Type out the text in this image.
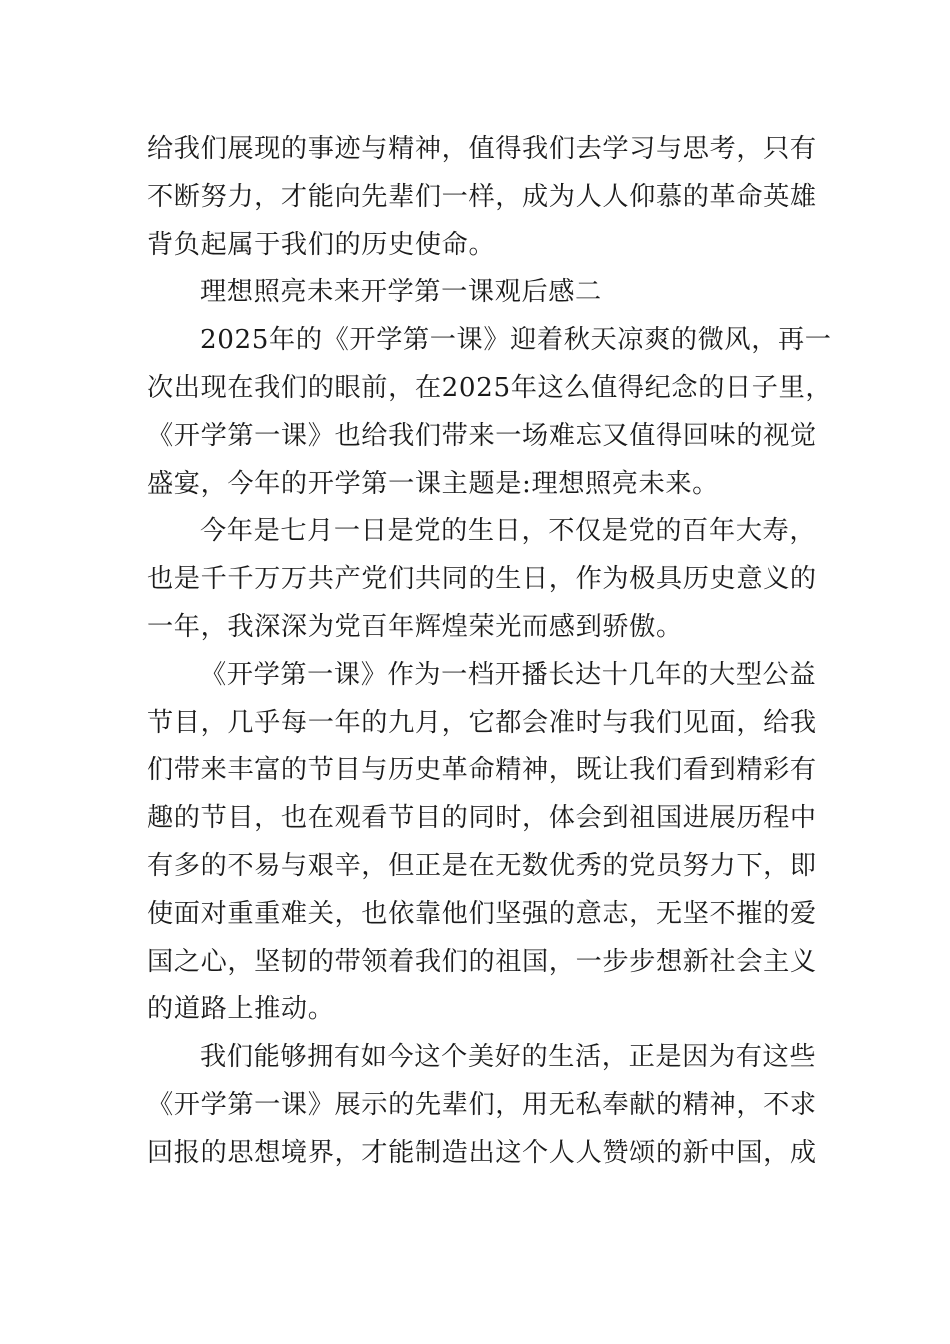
给我们展现的事迹与精神，值得我们去学习与思考，只有
不断努力，才能向先辈们一样，成为人人仰慕的革命英雄
背负起属于我们的历史使命。
理想照亮未来开学第一课观后感二
2025年的《开学第一课》迎着秋天凉爽的微风，再一
次出现在我们的眼前，在2025年这么值得纪念的日子里，
《开学第一课》也给我们带来一场难忘又值得回味的视觉
盛宴，今年的开学第一课主题是:理想照亮未来。
今年是七月一日是党的生日，不仅是党的百年大寿，
也是千千万万共产党们共同的生日，作为极具历史意义的
一年，我深深为党百年辉煌荣光而感到骄傲。
《开学第一课》作为一档开播长达十几年的大型公益
节目，几乎每一年的九月，它都会准时与我们见面，给我
们带来丰富的节目与历史革命精神，既让我们看到精彩有
趣的节目，也在观看节目的同时，体会到祖国进展历程中
有多的不易与艰辛，但正是在无数优秀的党员努力下，即
使面对重重难关，也依靠他们坚强的意志，无坚不摧的爱
国之心，坚韧的带领着我们的祖国，一步步想新社会主义
的道路上推动。
我们能够拥有如今这个美好的生活，正是因为有这些
《开学第一课》展示的先辈们，用无私奉献的精神，不求
回报的思想境界，才能制造出这个人人赞颂的新中国，成
